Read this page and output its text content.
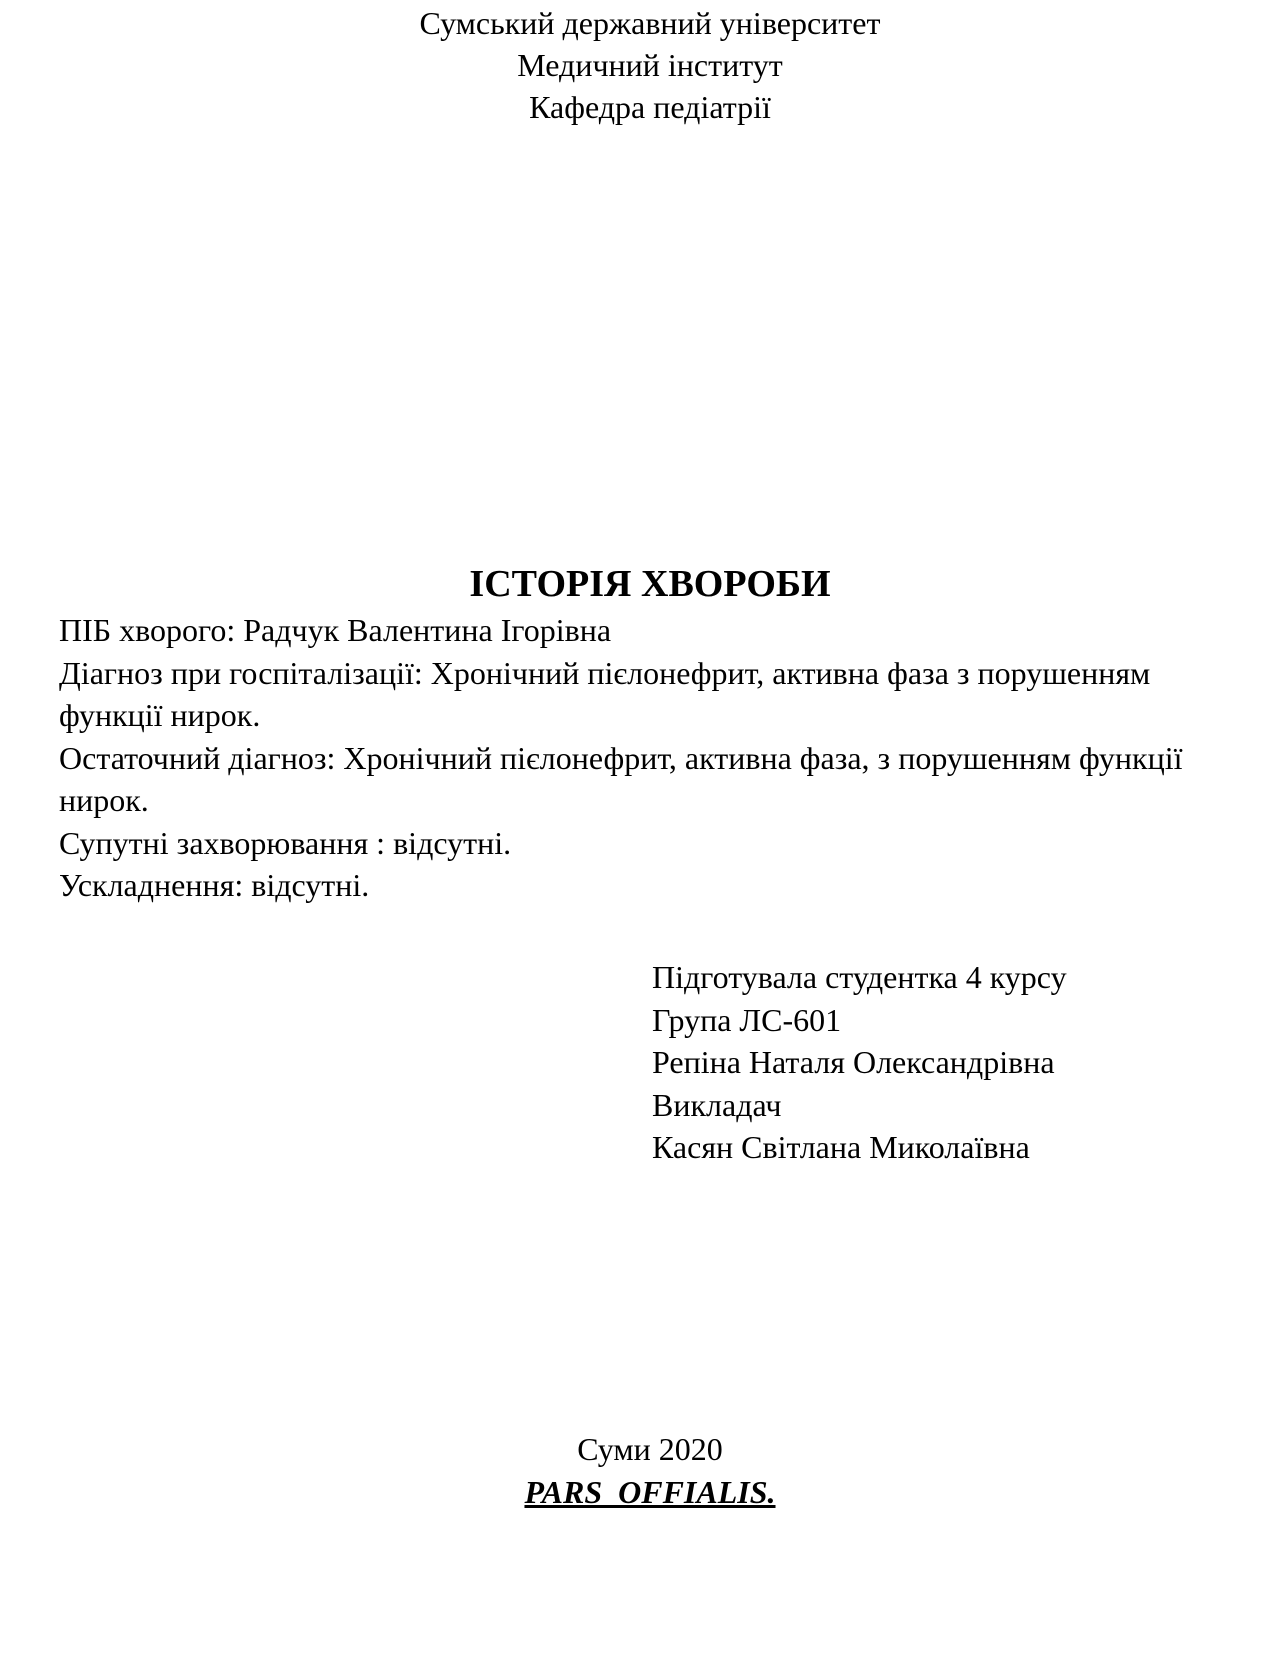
Сумський державний університет
Медичний інститут
Кафедра педіатрії
ІСТОРІЯ ХВОРОБИ

ПІБ хворого: Радчук Валентина Ігорівна

Діагноз при госпіталізації: Хронічний пієлонефрит, активна фаза з порушенням функції нирок.

Остаточний діагноз: Хронічний пієлонефрит, активна фаза, з порушенням функції нирок.

Супутні захворювання : відсутні.

Ускладнення: відсутні.

Підготувала студентка 4 курсу
Група ЛС-601
Репіна Наталя Олександрівна
Викладач
Касян Світлана Миколаївна
Суми 2020
PARS  OFFIALIS.
